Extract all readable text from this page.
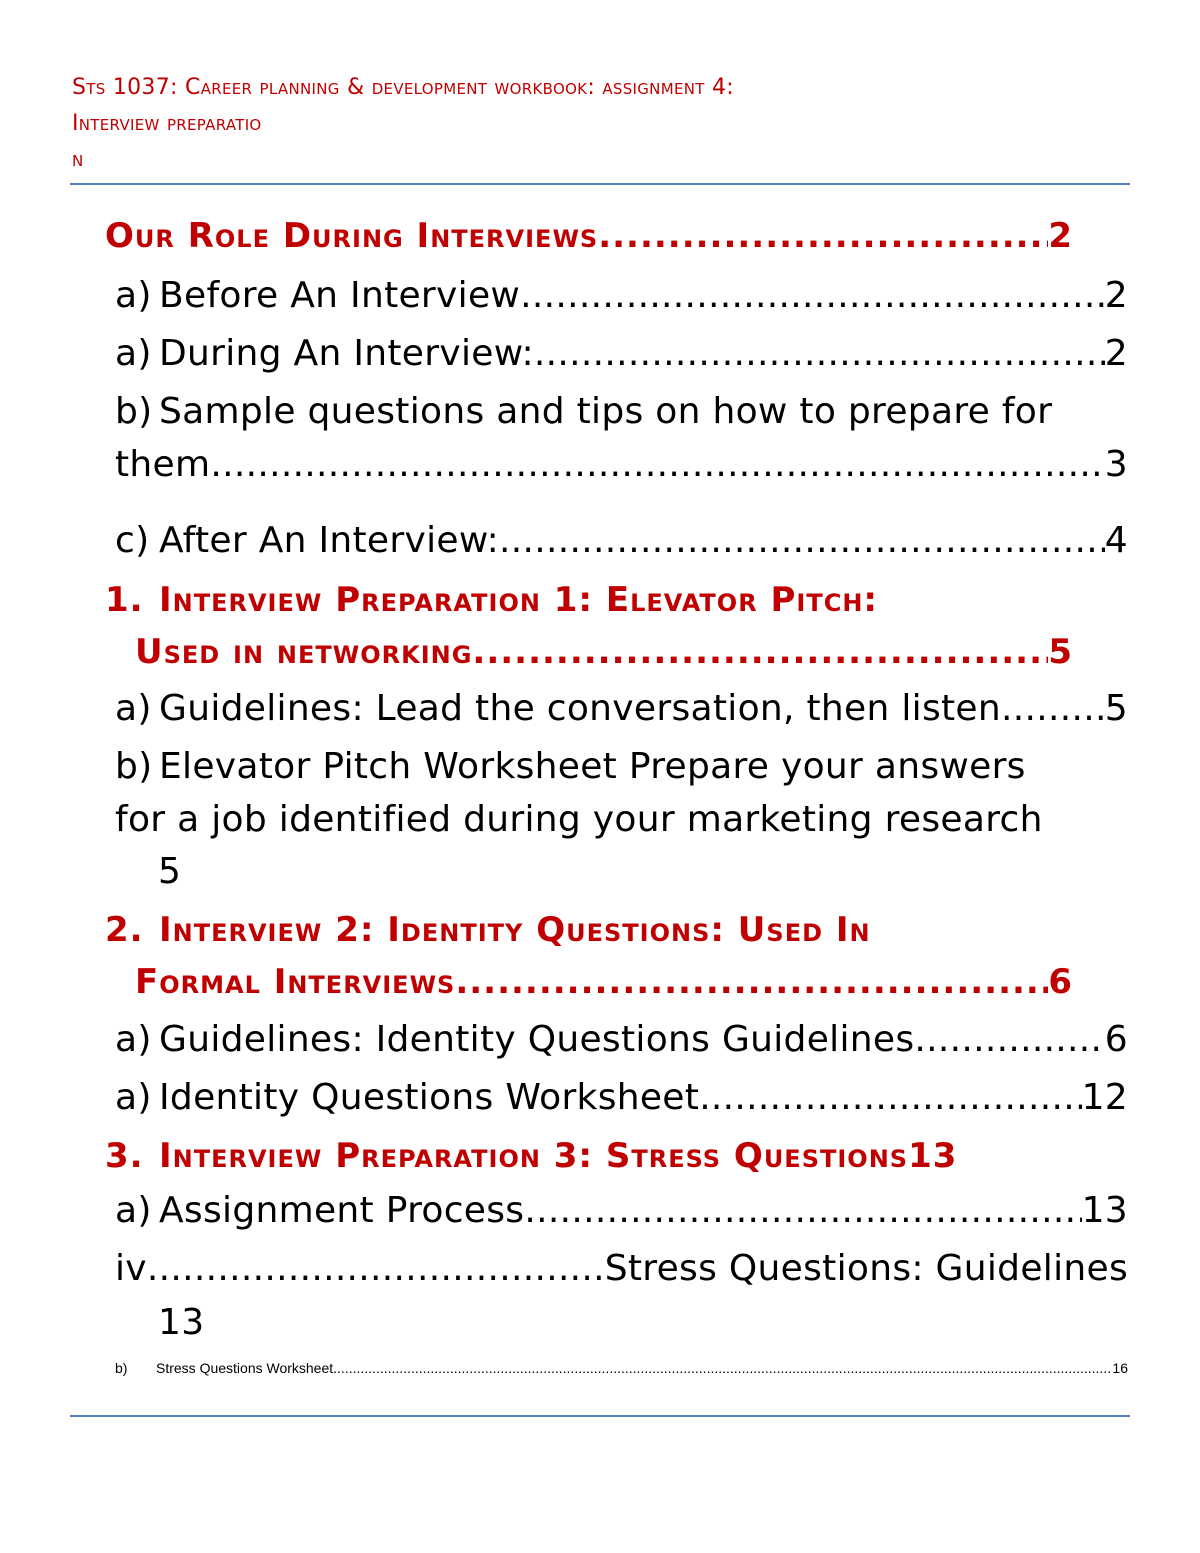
Sts 1037: Career planning & development workbook: assignment 4:
Interview preparatio
n
Our Role During Interviews .....	2
a) Before An Interview .....	2
a) During An Interview: .....	2
b) Sample questions and tips on how to prepare for
them .....	3
c) After An Interview: .....	4
1. Interview Preparation 1: Elevator Pitch:
Used in networking .....	5
a) Guidelines: Lead the conversation, then listen .....	5
b) Elevator Pitch Worksheet Prepare your answers
for a job identified during your marketing research
5
2. Interview 2: Identity Questions: Used In
Formal Interviews .....	6
a) Guidelines: Identity Questions Guidelines .....	6
a) Identity Questions Worksheet .....	12
3. Interview Preparation 3: Stress Questions 13
a) Assignment Process .....	13
iv .....	Stress Questions: Guidelines
13
b)	Stress Questions Worksheet .....	16
